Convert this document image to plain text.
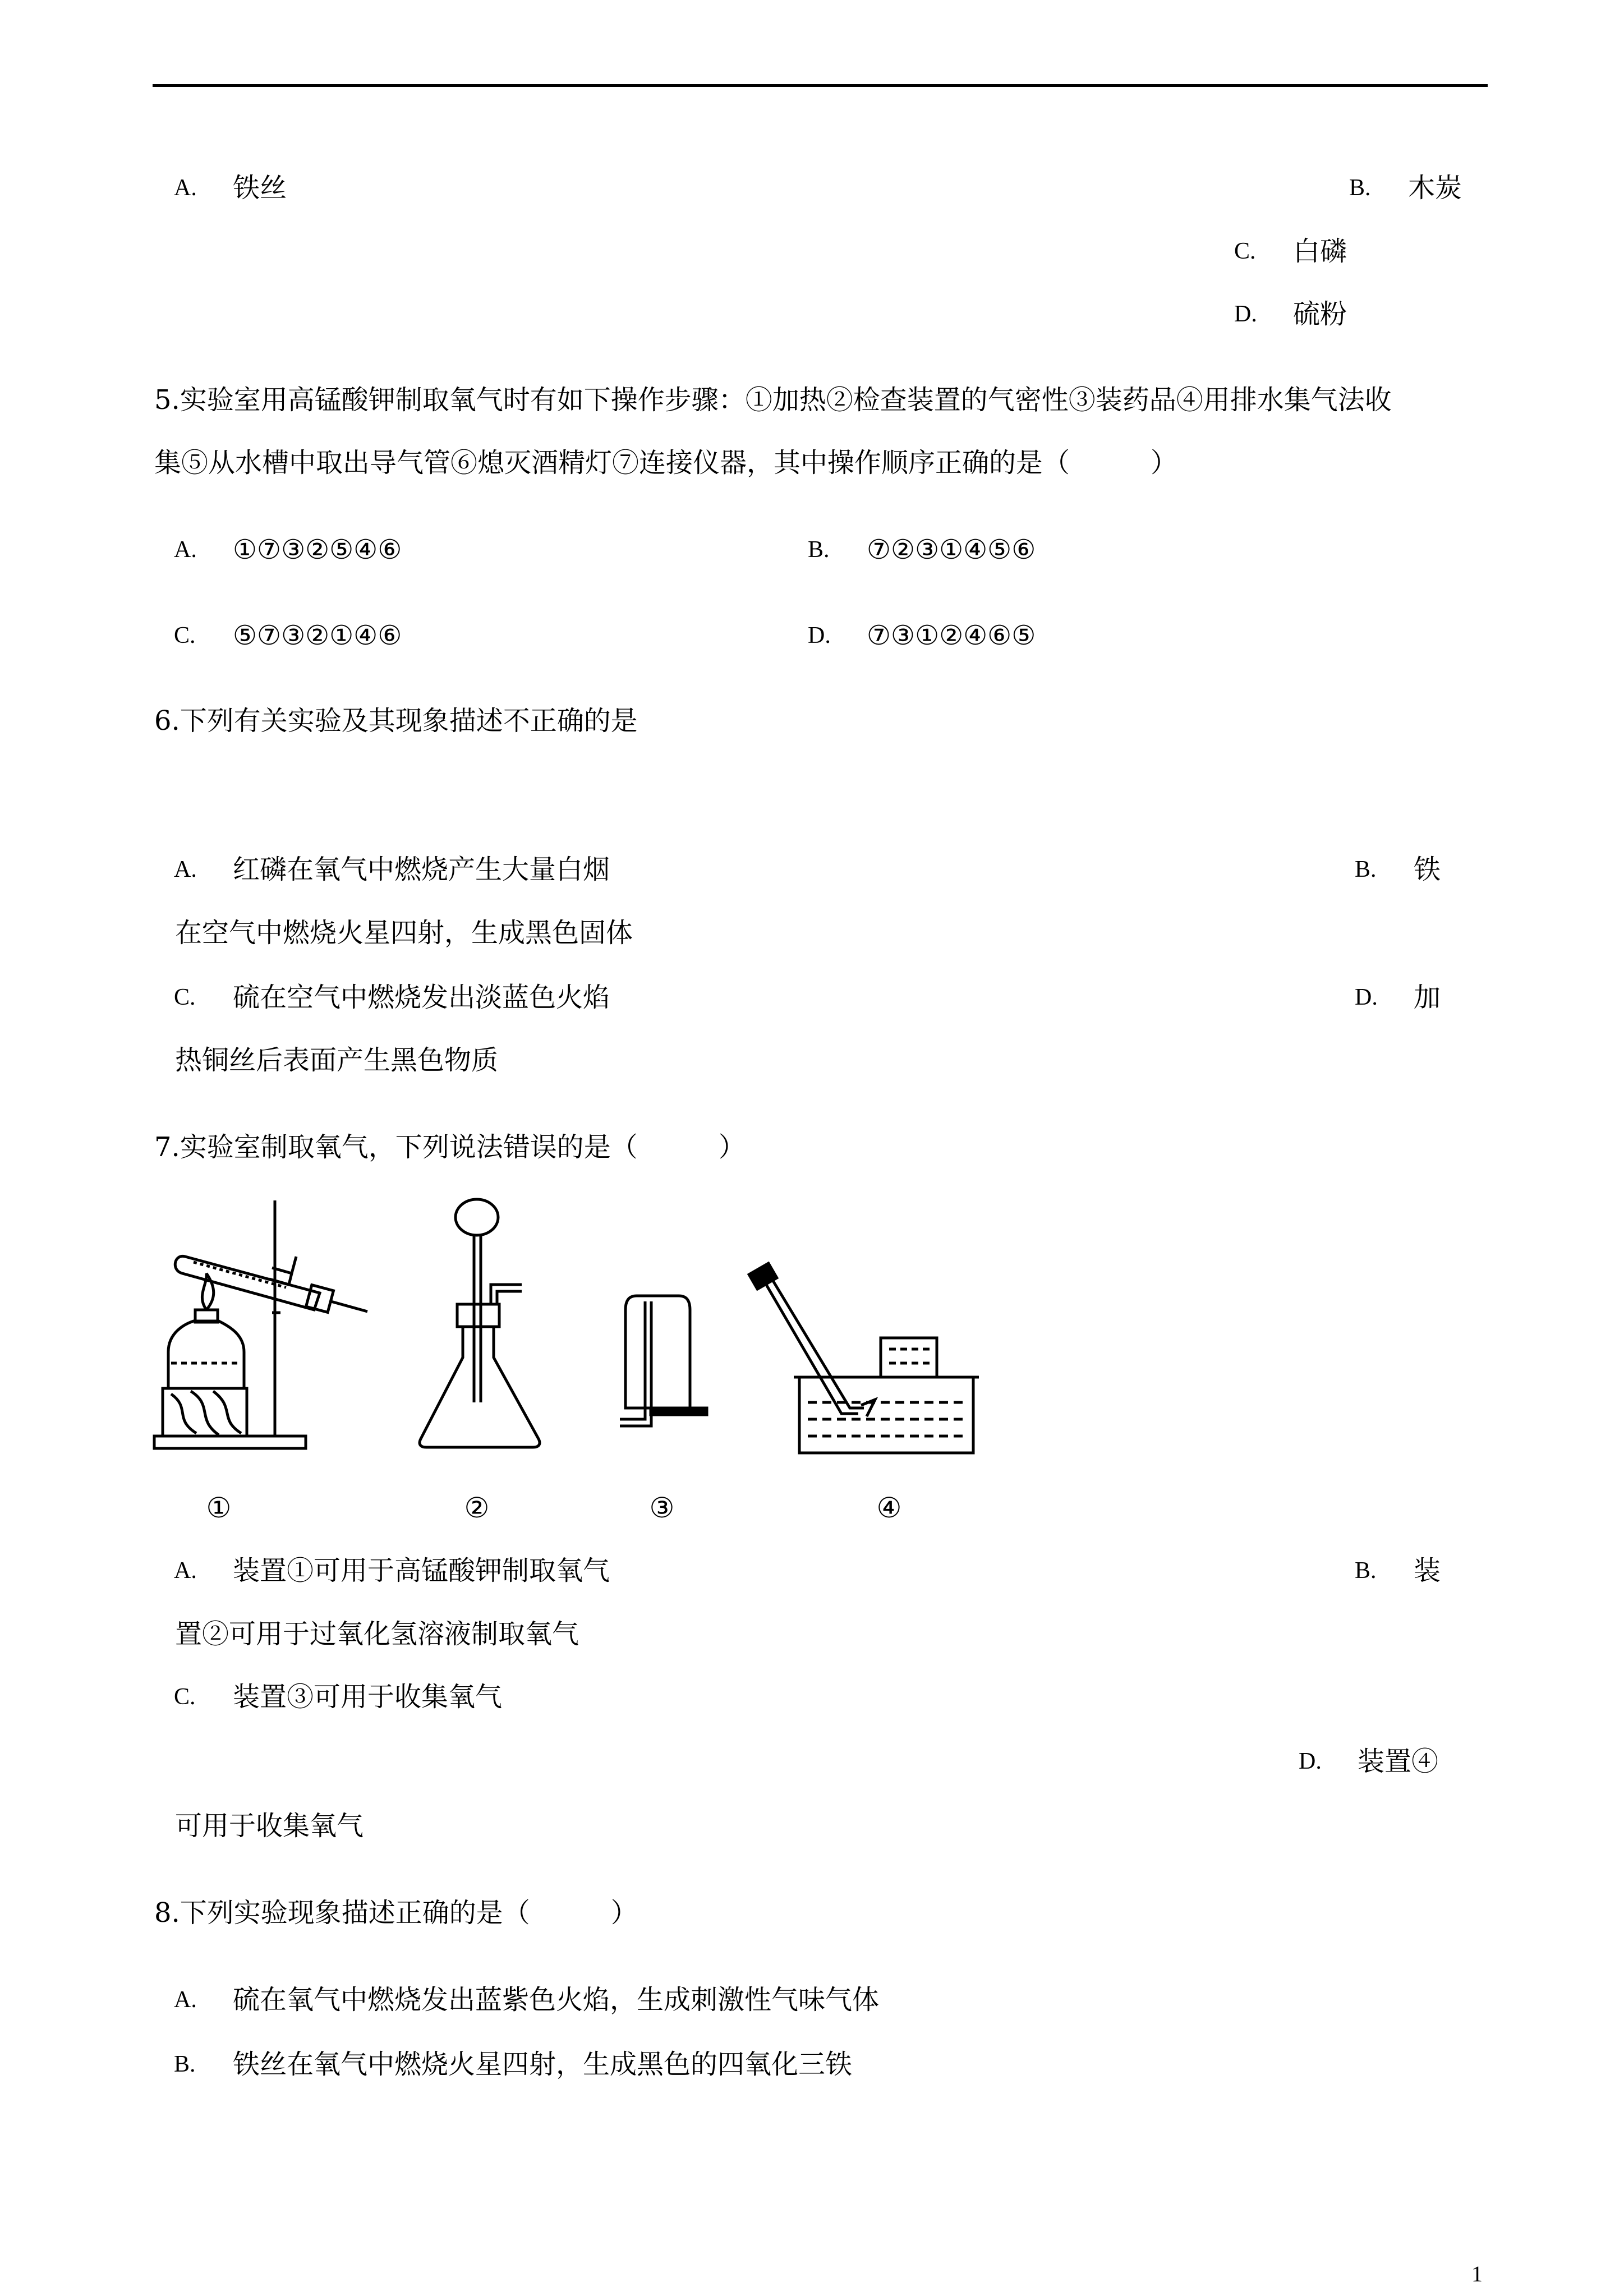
A. 铁丝	B. 木炭
C. 白磷
D. 硫粉
5.实验室用高锰酸钾制取氧气时有如下操作步骤：①加热②检查装置的气密性③装药品④用排水集气法收
集⑤从水槽中取出导气管⑥熄灭酒精灯⑦连接仪器，其中操作顺序正确的是（　　　）
A. ①⑦③②⑤④⑥	B. ⑦②③①④⑤⑥
C. ⑤⑦③②①④⑥	D. ⑦③①②④⑥⑤
6.下列有关实验及其现象描述不正确的是
A. 红磷在氧气中燃烧产生大量白烟	B. 铁
在空气中燃烧火星四射，生成黑色固体
C. 硫在空气中燃烧发出淡蓝色火焰	D. 加
热铜丝后表面产生黑色物质
7.实验室制取氧气，下列说法错误的是（　　　）
①	②	③	④
A. 装置①可用于高锰酸钾制取氧气	B. 装
置②可用于过氧化氢溶液制取氧气
C. 装置③可用于收集氧气
D. 装置④
可用于收集氧气
8.下列实验现象描述正确的是（　　　）
A. 硫在氧气中燃烧发出蓝紫色火焰，生成刺激性气味气体
B. 铁丝在氧气中燃烧火星四射，生成黑色的四氧化三铁
1
